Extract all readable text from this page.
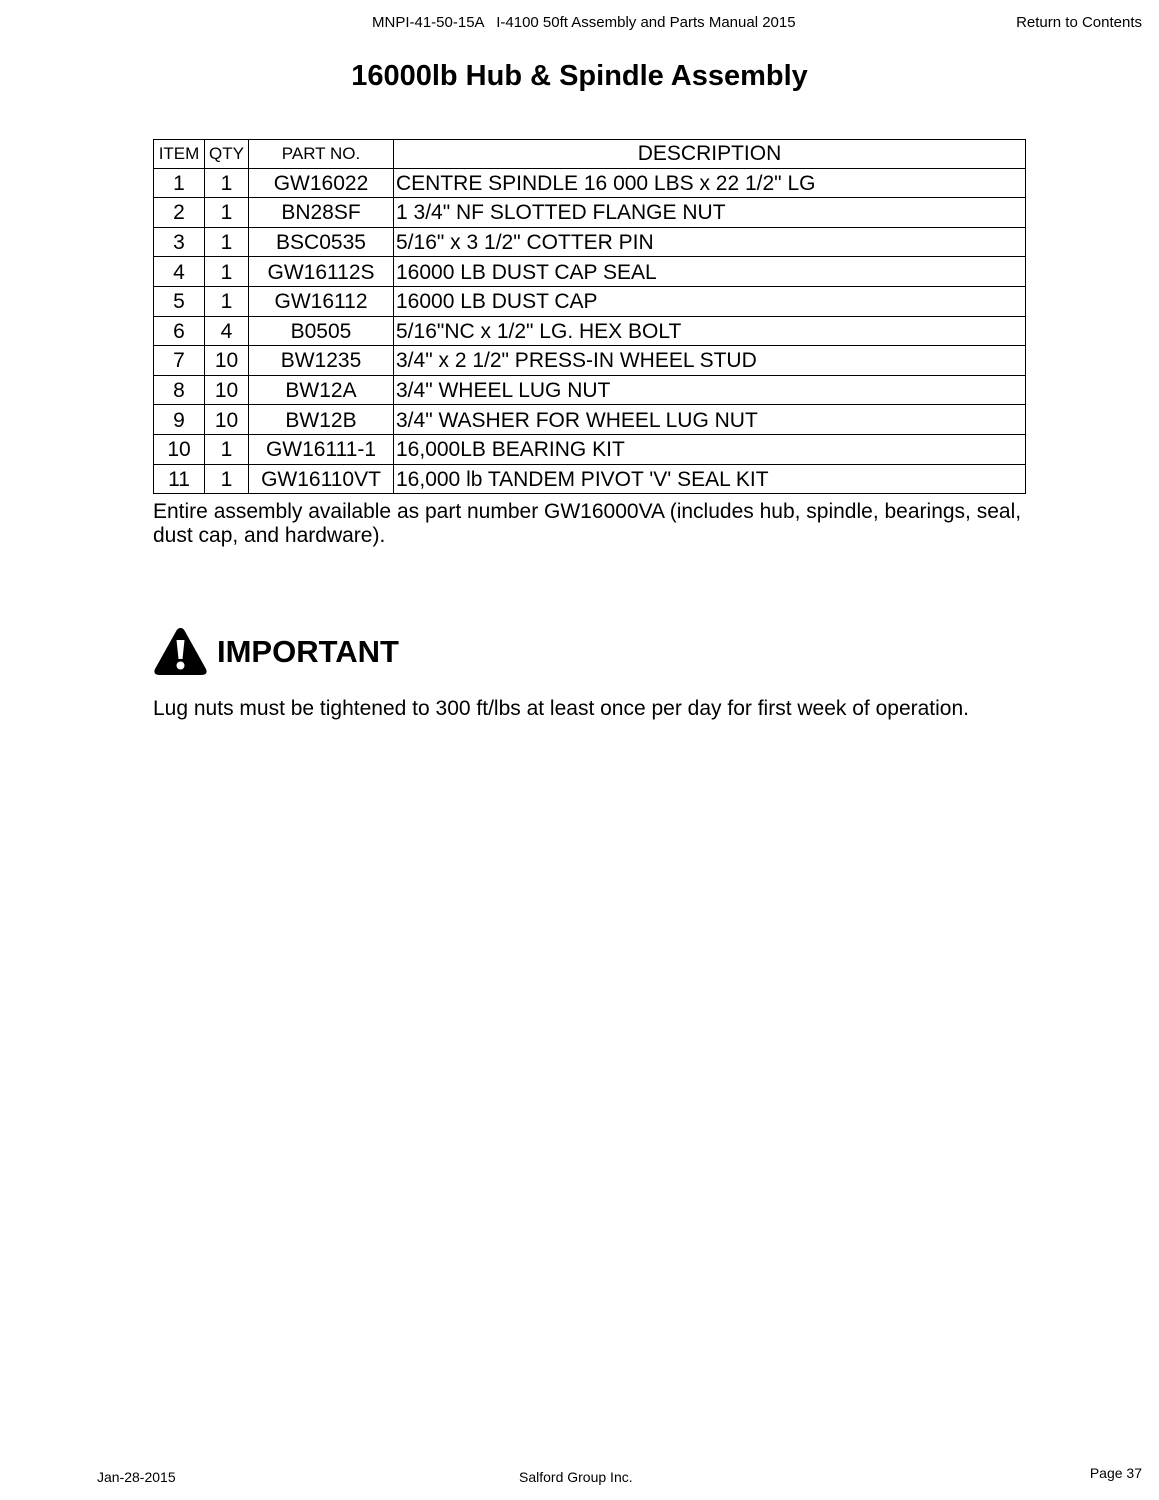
MNPI-41-50-15A   I-4100 50ft Assembly and Parts Manual 2015	Return to Contents
16000lb Hub & Spindle Assembly
ITEM	QTY	PART NO.	DESCRIPTION
1	1	GW16022	CENTRE SPINDLE 16 000 LBS x 22 1/2" LG
2	1	BN28SF	1 3/4" NF SLOTTED FLANGE NUT
3	1	BSC0535	5/16" x 3 1/2" COTTER PIN
4	1	GW16112S	16000 LB DUST CAP SEAL
5	1	GW16112	16000 LB DUST CAP
6	4	B0505	5/16"NC x 1/2" LG. HEX BOLT
7	10	BW1235	3/4" x 2 1/2" PRESS-IN WHEEL STUD
8	10	BW12A	3/4" WHEEL LUG NUT
9	10	BW12B	3/4" WASHER FOR WHEEL LUG NUT
10	1	GW16111-1	16,000LB BEARING KIT
11	1	GW16110VT	16,000 lb TANDEM PIVOT 'V' SEAL KIT

Entire assembly available as part number GW16000VA (includes hub, spindle, bearings, seal, dust cap, and hardware).

IMPORTANT

Lug nuts must be tightened to 300 ft/lbs at least once per day for first week of operation.

Jan-28-2015	Salford Group Inc.	Page 37
